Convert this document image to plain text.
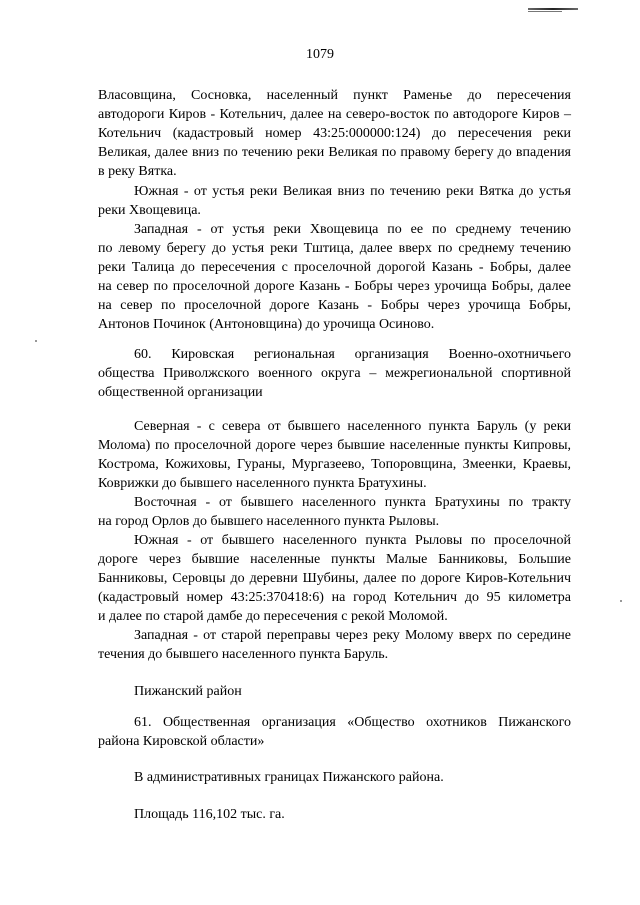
1079
Власовщина, Сосновка, населенный пункт Раменье до пересечения
автодороги Киров - Котельнич, далее на северо-восток по автодороге Киров –
Котельнич (кадастровый номер 43:25:000000:124) до пересечения реки
Великая, далее вниз по течению реки Великая по правому берегу до впадения
в реку Вятка.
Южная - от устья реки Великая вниз по течению реки Вятка до устья
реки Хвощевица.
Западная - от устья реки Хвощевица по ее по среднему течению
по левому берегу до устья реки Тштица, далее вверх по среднему течению
реки Талица до пересечения с проселочной дорогой Казань - Бобры, далее
на север по проселочной дороге Казань - Бобры через урочища Бобры, далее
на север по проселочной дороге Казань - Бобры через урочища Бобры,
Антонов Починок (Антоновщина) до урочища Осиново.
60. Кировская региональная организация Военно-охотничьего
общества Приволжского военного округа – межрегиональной спортивной
общественной организации
Северная - с севера от бывшего населенного пункта Баруль (у реки
Молома) по проселочной дороге через бывшие населенные пункты Кипровы,
Кострома, Кожиховы, Гураны, Мургазеево, Топоровщина, Змеенки, Краевы,
Коврижки до бывшего населенного пункта Братухины.
Восточная - от бывшего населенного пункта Братухины по тракту
на город Орлов до бывшего населенного пункта Рыловы.
Южная - от бывшего населенного пункта Рыловы по проселочной
дороге через бывшие населенные пункты Малые Банниковы, Большие
Банниковы, Серовцы до деревни Шубины, далее по дороге Киров-Котельнич
(кадастровый номер 43:25:370418:6) на город Котельнич до 95 километра
и далее по старой дамбе до пересечения с рекой Моломой.
Западная - от старой переправы через реку Молому вверх по середине
течения до бывшего населенного пункта Баруль.
Пижанский район
61. Общественная организация «Общество охотников Пижанского
района Кировской области»
В административных границах Пижанского района.
Площадь 116,102 тыс. га.
